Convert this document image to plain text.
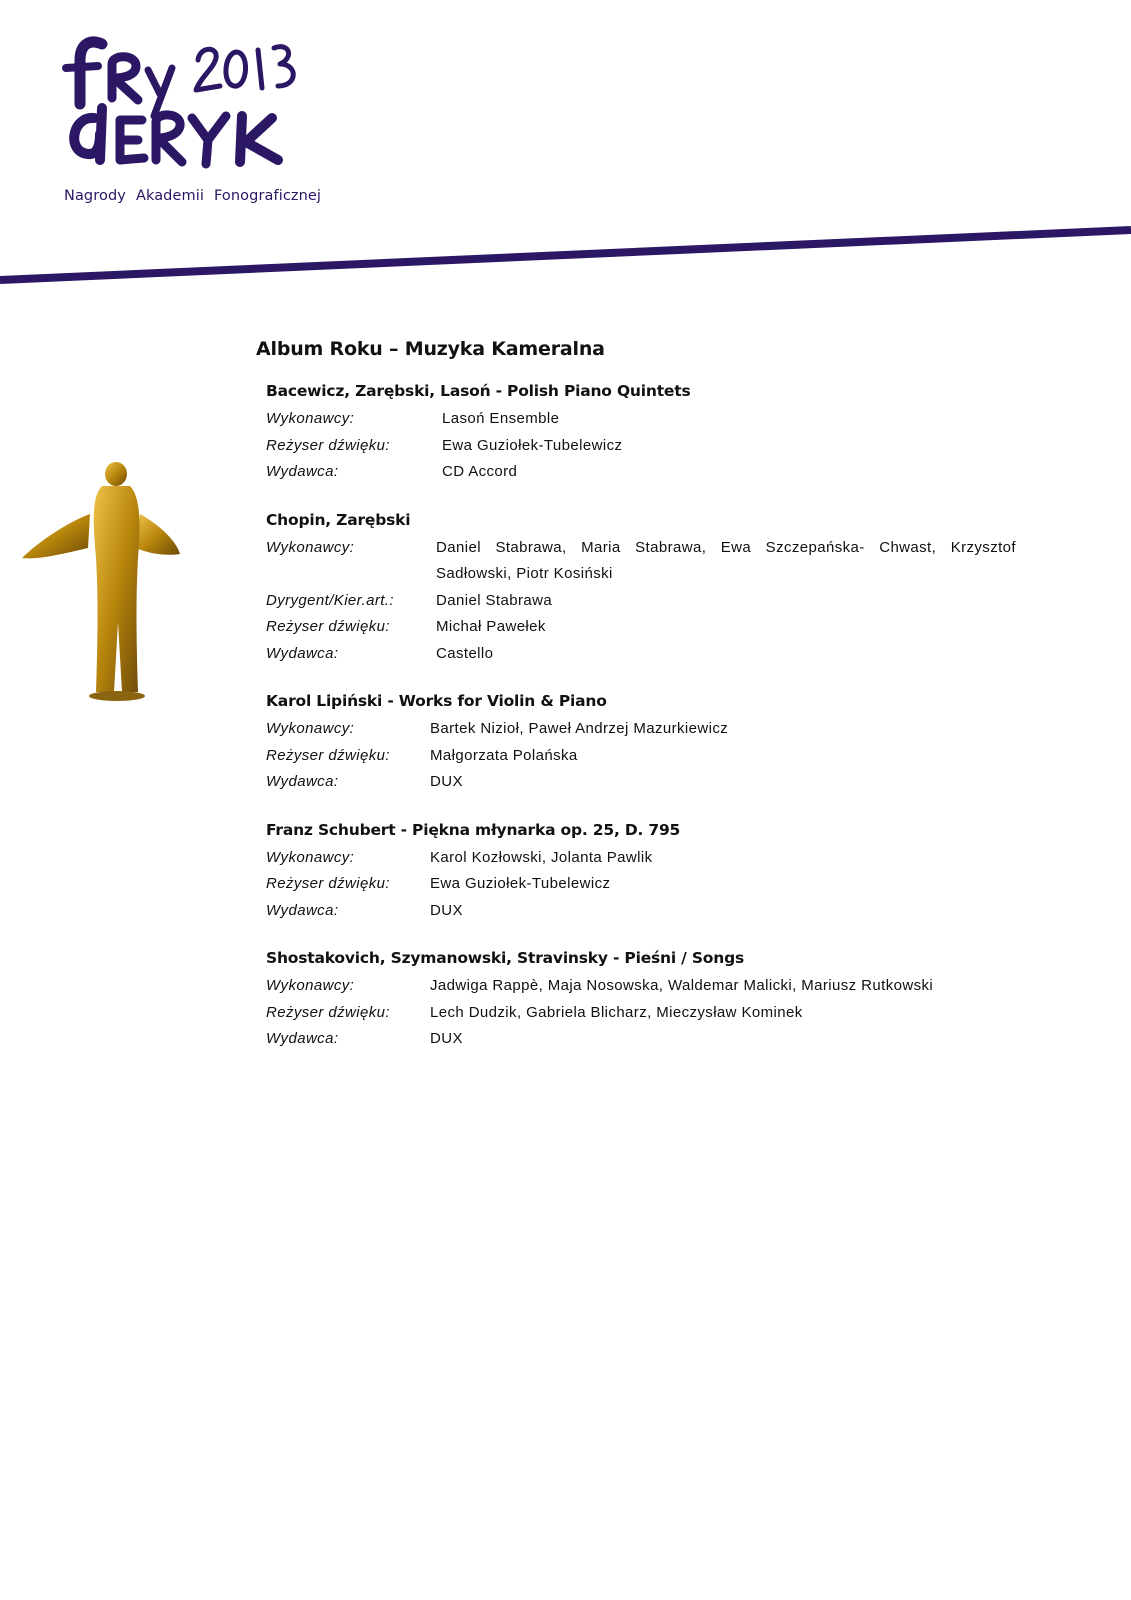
Nagrody Akademii Fonograficznej
Album Roku – Muzyka Kameralna
Bacewicz, Zarębski, Lasoń - Polish Piano Quintets
Wykonawcy:	Lasoń Ensemble
Reżyser dźwięku:	Ewa Guziołek-Tubelewicz
Wydawca:	CD Accord
Chopin, Zarębski
Wykonawcy:	Daniel Stabrawa, Maria Stabrawa, Ewa Szczepańska- Chwast, Krzysztof Sadłowski, Piotr Kosiński
Dyrygent/Kier.art.:	Daniel Stabrawa
Reżyser dźwięku:	Michał Pawełek
Wydawca:	Castello
Karol Lipiński - Works for Violin & Piano
Wykonawcy:	Bartek Nizioł, Paweł Andrzej Mazurkiewicz
Reżyser dźwięku:	Małgorzata Polańska
Wydawca:	DUX
Franz Schubert - Piękna młynarka op. 25, D. 795
Wykonawcy:	Karol Kozłowski, Jolanta Pawlik
Reżyser dźwięku:	Ewa Guziołek-Tubelewicz
Wydawca:	DUX
Shostakovich, Szymanowski, Stravinsky - Pieśni / Songs
Wykonawcy:	Jadwiga Rappè, Maja Nosowska, Waldemar Malicki, Mariusz Rutkowski
Reżyser dźwięku:	Lech Dudzik, Gabriela Blicharz, Mieczysław Kominek
Wydawca:	DUX
